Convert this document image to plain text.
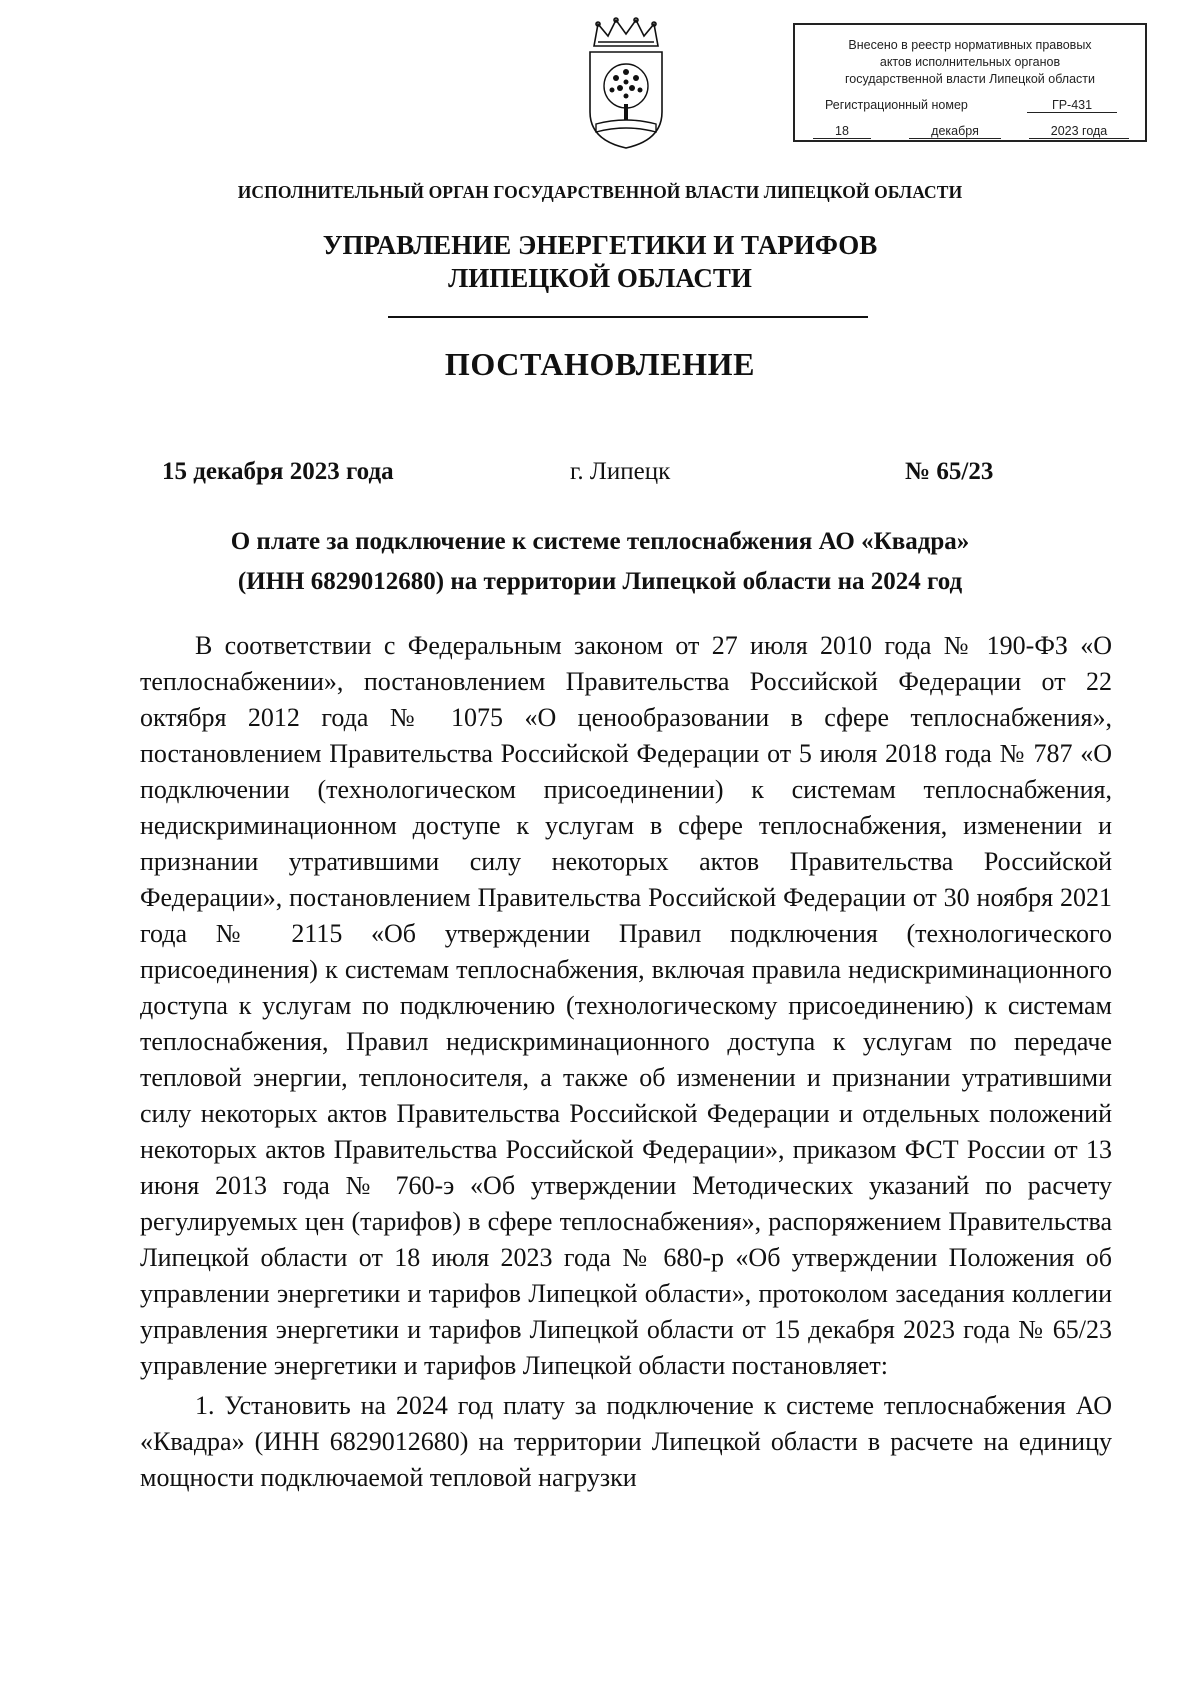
Внесено в реестр нормативных правовых
актов исполнительных органов
государственной власти Липецкой области
Регистрационный номер	ГР-431
18	декабря	2023 года
ИСПОЛНИТЕЛЬНЫЙ ОРГАН ГОСУДАРСТВЕННОЙ ВЛАСТИ ЛИПЕЦКОЙ ОБЛАСТИ
УПРАВЛЕНИЕ ЭНЕРГЕТИКИ И ТАРИФОВ
ЛИПЕЦКОЙ ОБЛАСТИ
ПОСТАНОВЛЕНИЕ
15 декабря 2023 года	г. Липецк	№ 65/23
О плате за подключение к системе теплоснабжения АО «Квадра»
(ИНН 6829012680) на территории Липецкой области на 2024 год

В соответствии с Федеральным законом от 27 июля 2010 года № 190-ФЗ «О теплоснабжении», постановлением Правительства Российской Федерации от 22 октября 2012 года № 1075 «О ценообразовании в сфере теплоснабжения», постановлением Правительства Российской Федерации от 5 июля 2018 года № 787 «О подключении (технологическом присоединении) к системам теплоснабжения, недискриминационном доступе к услугам в сфере теплоснабжения, изменении и признании утратившими силу некоторых актов Правительства Российской Федерации», постановлением Правительства Российской Федерации от 30 ноября 2021 года № 2115 «Об утверждении Правил подключения (технологического присоединения) к системам теплоснабжения, включая правила недискриминационного доступа к услугам по подключению (технологическому присоединению) к системам теплоснабжения, Правил недискриминационного доступа к услугам по передаче тепловой энергии, теплоносителя, а также об изменении и признании утратившими силу некоторых актов Правительства Российской Федерации и отдельных положений некоторых актов Правительства Российской Федерации», приказом ФСТ России от 13 июня 2013 года № 760-э «Об утверждении Методических указаний по расчету регулируемых цен (тарифов) в сфере теплоснабжения», распоряжением Правительства Липецкой области от 18 июля 2023 года № 680-р «Об утверждении Положения об управлении энергетики и тарифов Липецкой области», протоколом заседания коллегии управления энергетики и тарифов Липецкой области от 15 декабря 2023 года № 65/23 управление энергетики и тарифов Липецкой области постановляет:

1. Установить на 2024 год плату за подключение к системе теплоснабжения АО «Квадра» (ИНН 6829012680) на территории Липецкой области в расчете на единицу мощности подключаемой тепловой нагрузки
